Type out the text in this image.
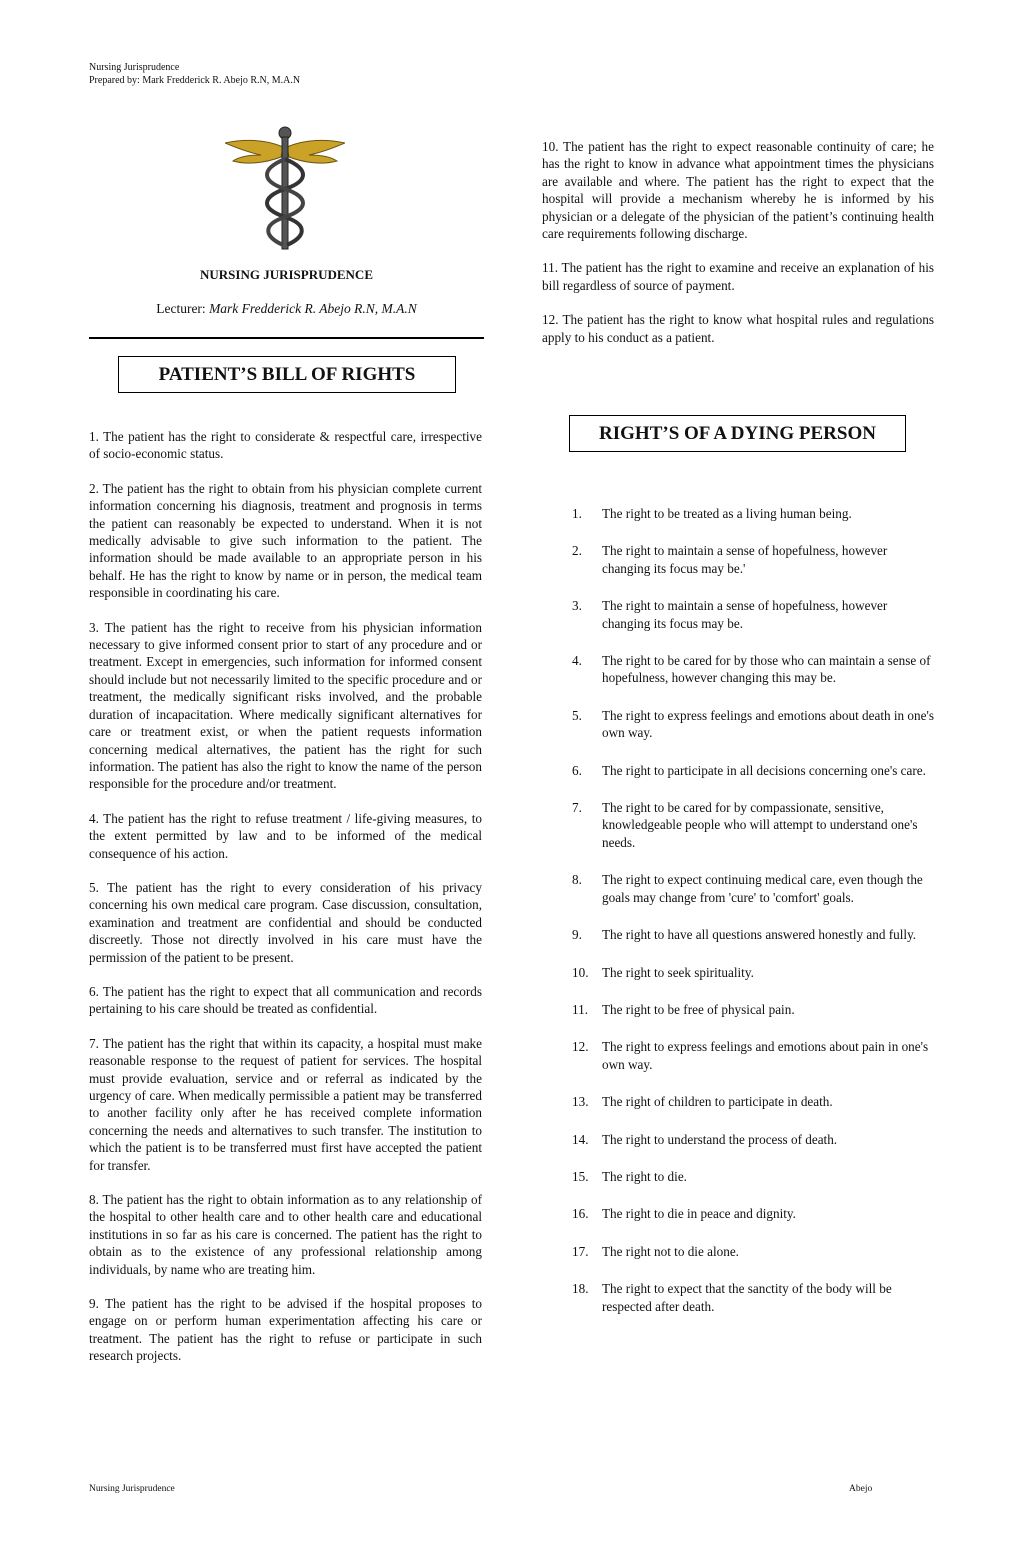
Nursing Jurisprudence
Prepared by: Mark Fredderick R. Abejo R.N, M.A.N
NURSING JURISPRUDENCE
Lecturer: Mark Fredderick R. Abejo R.N, M.A.N
PATIENT’S BILL OF RIGHTS

1. The patient has the right to considerate & respectful care, irrespective of socio-economic status.

2. The patient has the right to obtain from his physician complete current information concerning his diagnosis, treatment and prognosis in terms the patient can reasonably be expected to understand. When it is not medically advisable to give such information to the patient. The information should be made available to an appropriate person in his behalf. He has the right to know by name or in person, the medical team responsible in coordinating his care.

3. The patient has the right to receive from his physician information necessary to give informed consent prior to start of any procedure and or treatment. Except in emergencies, such information for informed consent should include but not necessarily limited to the specific procedure and or treatment, the medically significant risks involved, and the probable duration of incapacitation. Where medically significant alternatives for care or treatment exist, or when the patient requests information concerning medical alternatives, the patient has the right for such information. The patient has also the right to know the name of the person responsible for the procedure and/or treatment.

4. The patient has the right to refuse treatment / life-giving measures, to the extent permitted by law and to be informed of the medical consequence of his action.

5. The patient has the right to every consideration of his privacy concerning his own medical care program. Case discussion, consultation, examination and treatment are confidential and should be conducted discreetly. Those not directly involved in his care must have the permission of the patient to be present.

6. The patient has the right to expect that all communication and records pertaining to his care should be treated as confidential.

7. The patient has the right that within its capacity, a hospital must make reasonable response to the request of patient for services. The hospital must provide evaluation, service and or referral as indicated by the urgency of care. When medically permissible a patient may be transferred to another facility only after he has received complete information concerning the needs and alternatives to such transfer. The institution to which the patient is to be transferred must first have accepted the patient for transfer.

8. The patient has the right to obtain information as to any relationship of the hospital to other health care and to other health care and educational institutions in so far as his care is concerned. The patient has the right to obtain as to the existence of any professional relationship among individuals, by name who are treating him.

9. The patient has the right to be advised if the hospital proposes to engage on or perform human experimentation affecting his care or treatment. The patient has the right to refuse or participate in such research projects.

10. The patient has the right to expect reasonable continuity of care; he has the right to know in advance what appointment times the physicians are available and where. The patient has the right to expect that the hospital will provide a mechanism whereby he is informed by his physician or a delegate of the physician of the patient’s continuing health care requirements following discharge.

11. The patient has the right to examine and receive an explanation of his bill regardless of source of payment.

12. The patient has the right to know what hospital rules and regulations apply to his conduct as a patient.

RIGHT’S OF A DYING PERSON
1.	The right to be treated as a living human being.
2.	The right to maintain a sense of hopefulness, however changing its focus may be.'
3.	The right to maintain a sense of hopefulness, however changing its focus may be.
4.	The right to be cared for by those who can maintain a sense of hopefulness, however changing this may be.
5.	The right to express feelings and emotions about death in one's own way.
6.	The right to participate in all decisions concerning one's care.
7.	The right to be cared for by compassionate, sensitive, knowledgeable people who will attempt to understand one's needs.
8.	The right to expect continuing medical care, even though the goals may change from 'cure' to 'comfort' goals.
9.	The right to have all questions answered honestly and fully.
10.	The right to seek spirituality.
11.	The right to be free of physical pain.
12.	The right to express feelings and emotions about pain in one's own way.
13.	The right of children to participate in death.
14.	The right to understand the process of death.
15.	The right to die.
16.	The right to die in peace and dignity.
17.	The right not to die alone.
18.	The right to expect that the sanctity of the body will be respected after death.
Nursing Jurisprudence	Abejo
